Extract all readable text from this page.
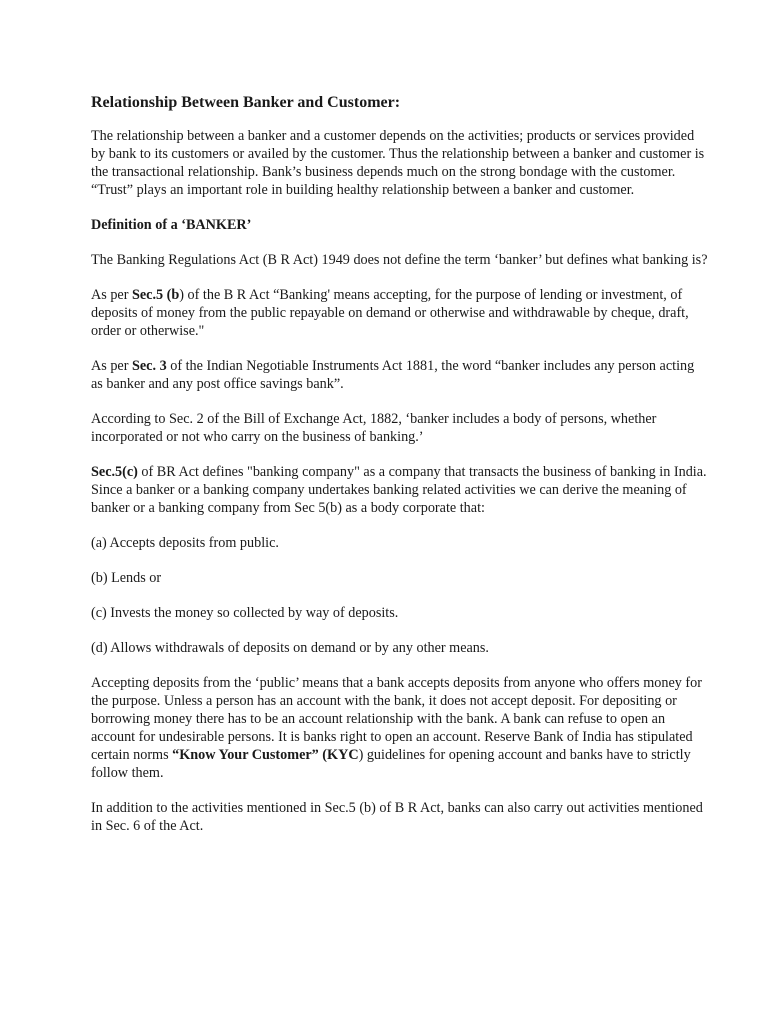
Relationship Between Banker and Customer:

The relationship between a banker and a customer depends on the activities; products or services provided by bank to its customers or availed by the customer. Thus the relationship between a banker and customer is the transactional relationship. Bank’s business depends much on the strong bondage with the customer. “Trust” plays an important role in building healthy relationship between a banker and customer.

Definition of a ‘BANKER’

The Banking Regulations Act (B R Act) 1949 does not define the term ‘banker’ but defines what banking is?

As per Sec.5 (b) of the B R Act “Banking' means accepting, for the purpose of lending or investment, of deposits of money from the public repayable on demand or otherwise and withdrawable by cheque, draft, order or otherwise."

As per Sec. 3 of the Indian Negotiable Instruments Act 1881, the word “banker includes any person acting as banker and any post office savings bank”.

According to Sec. 2 of the Bill of Exchange Act, 1882, ‘banker includes a body of persons, whether incorporated or not who carry on the business of banking.’

Sec.5(c) of BR Act defines "banking company" as a company that transacts the business of banking in India. Since a banker or a banking company undertakes banking related activities we can derive the meaning of banker or a banking company from Sec 5(b) as a body corporate that:

(a) Accepts deposits from public.

(b) Lends or

(c) Invests the money so collected by way of deposits.

(d) Allows withdrawals of deposits on demand or by any other means.

Accepting deposits from the ‘public’ means that a bank accepts deposits from anyone who offers money for the purpose. Unless a person has an account with the bank, it does not accept deposit. For depositing or borrowing money there has to be an account relationship with the bank. A bank can refuse to open an account for undesirable persons. It is banks right to open an account. Reserve Bank of India has stipulated certain norms “Know Your Customer” (KYC) guidelines for opening account and banks have to strictly follow them.

In addition to the activities mentioned in Sec.5 (b) of B R Act, banks can also carry out activities mentioned in Sec. 6 of the Act.
